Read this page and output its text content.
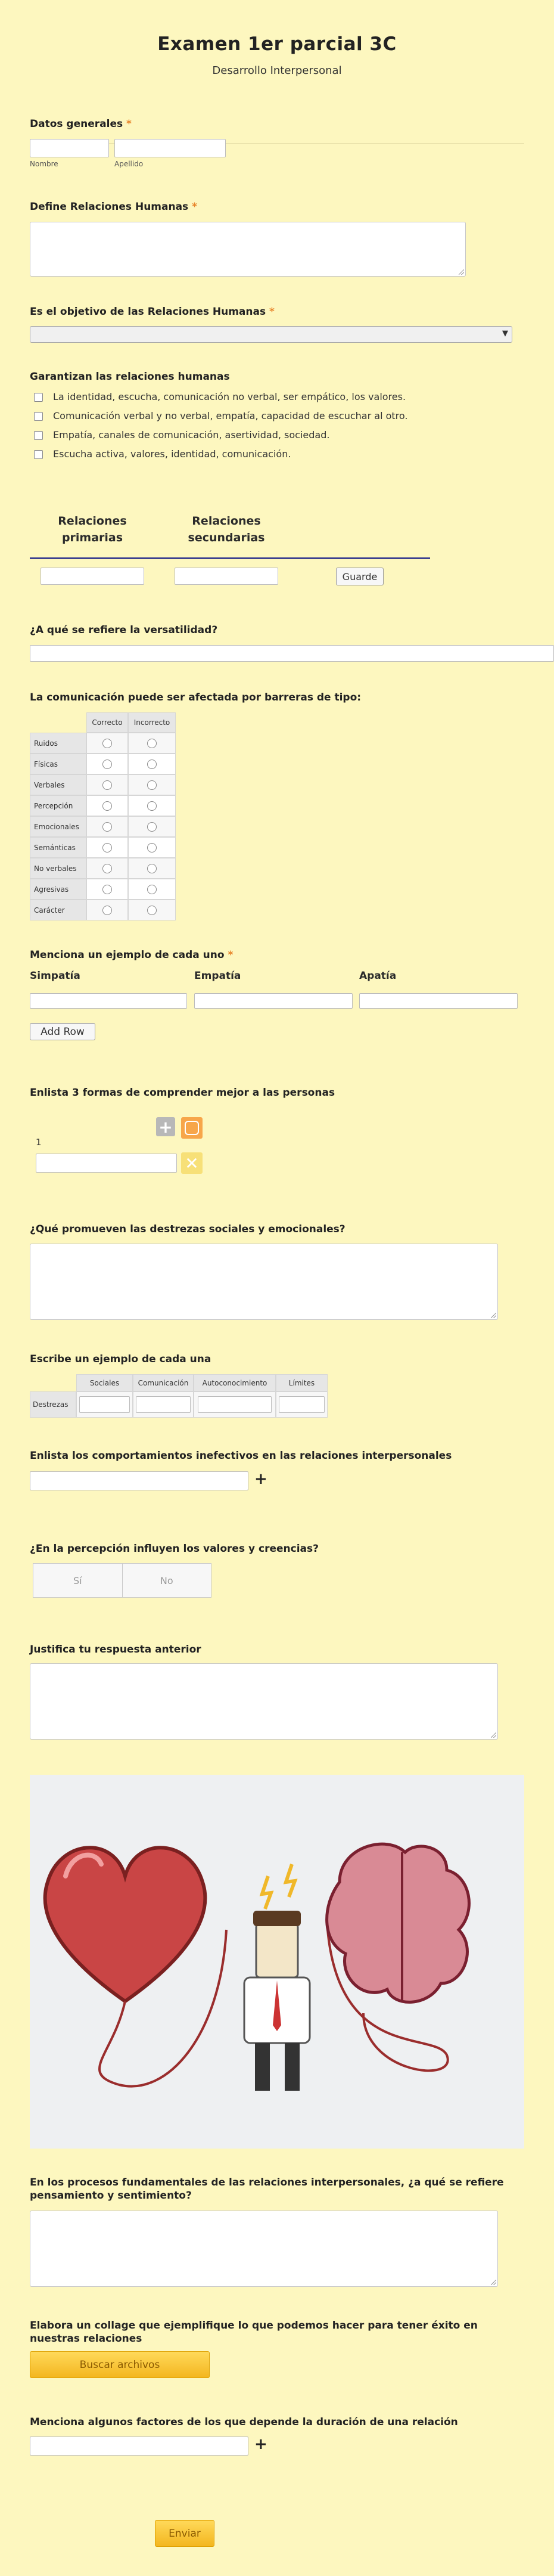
Examen 1er parcial 3C
Desarrollo Interpersonal
Datos generales *
Nombre	Apellido
Define Relaciones Humanas *
Es el objetivo de las Relaciones Humanas *
▼
Garantizan las relaciones humanas
La identidad, escucha, comunicación no verbal, ser empático, los valores.
Comunicación verbal y no verbal, empatía, capacidad de escuchar al otro.
Empatía, canales de comunicación, asertividad, sociedad.
Escucha activa, valores, identidad, comunicación.
Relaciones primarias
Relaciones secundarias
Guarde
¿A qué se refiere la versatilidad?
La comunicación puede ser afectada por barreras de tipo:
Correcto	Incorrecto
Ruidos
Físicas
Verbales
Percepción
Emocionales
Semánticas
No verbales
Agresivas
Carácter
Menciona un ejemplo de cada uno *
Simpatía	Empatía	Apatía
Add Row
Enlista 3 formas de comprender mejor a las personas
+
1
✕
¿Qué promueven las destrezas sociales y emocionales?
Escribe un ejemplo de cada una
Sociales	Comunicación	Autoconocimiento	Límites
Destrezas
Enlista los comportamientos inefectivos en las relaciones interpersonales
+
¿En la percepción influyen los valores y creencias?
Sí	No
Justifica tu respuesta anterior
En los procesos fundamentales de las relaciones interpersonales, ¿a qué se refiere pensamiento y sentimiento?
Elabora un collage que ejemplifique lo que podemos hacer para tener éxito en nuestras relaciones
Buscar archivos
Menciona algunos factores de los que depende la duración de una relación
+
Enviar
